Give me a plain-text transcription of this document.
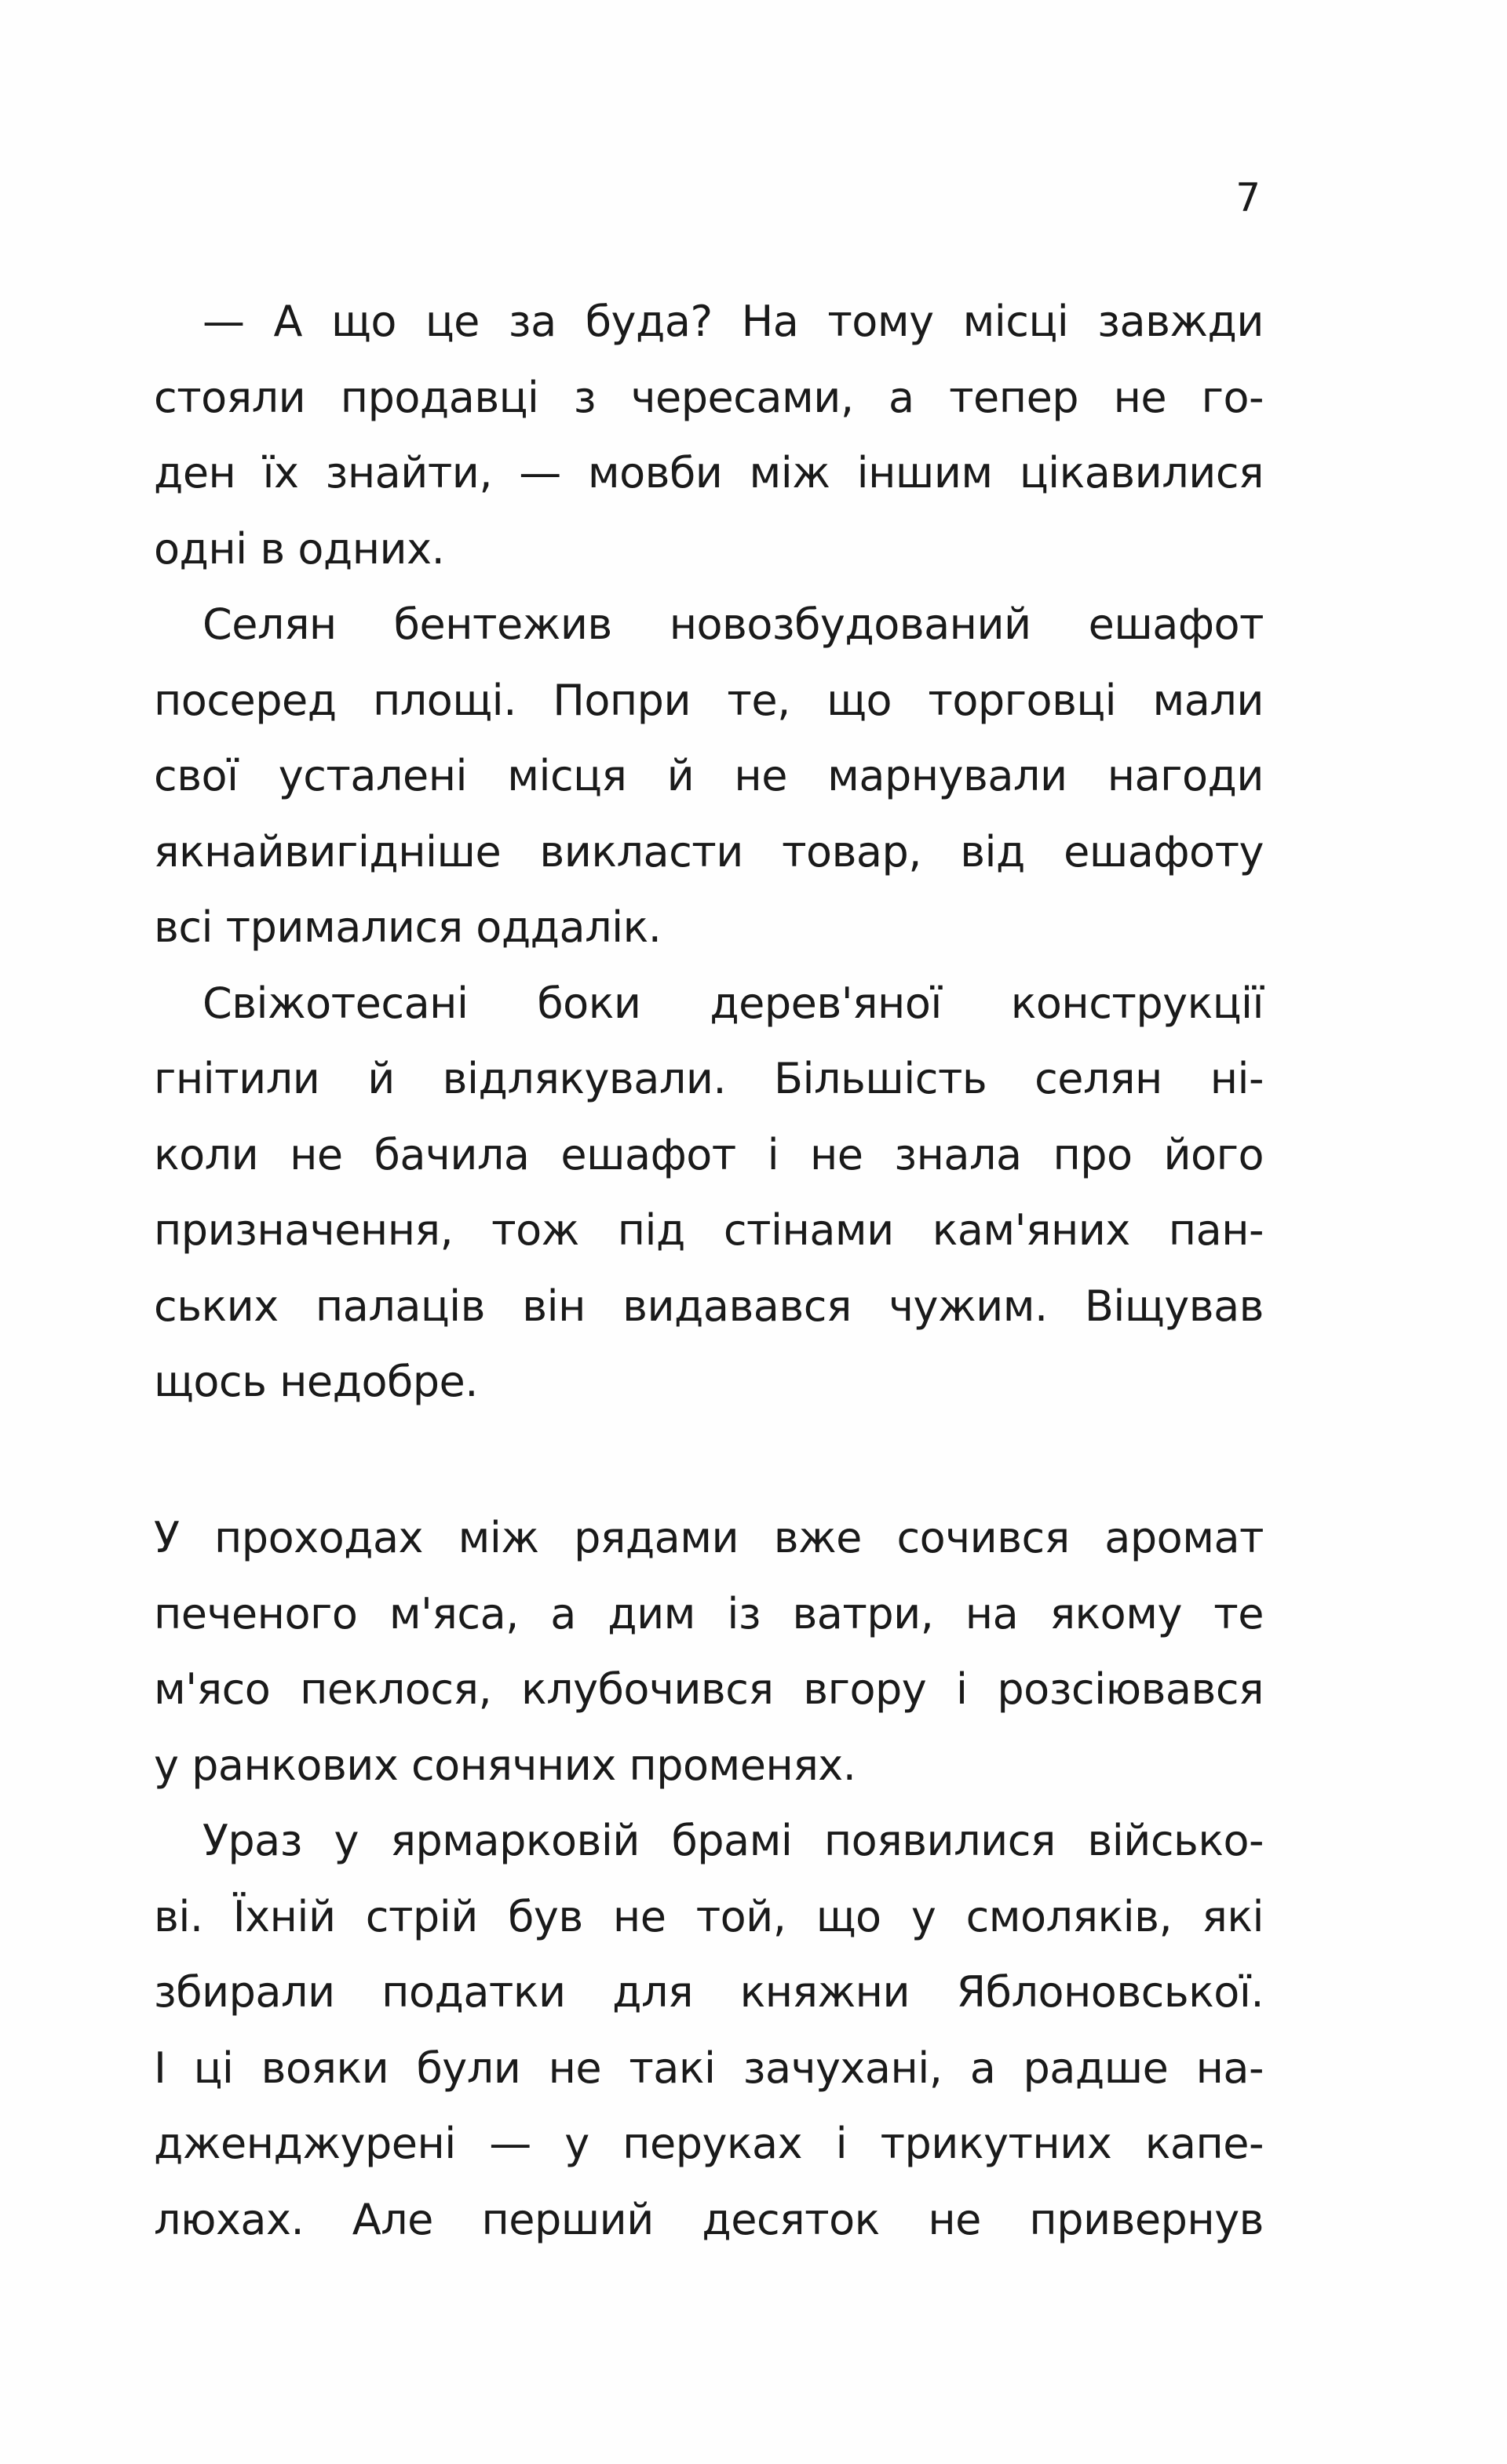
7
— А що це за буда? На тому місці завжди
стояли продавці з чересами, а тепер не го-
ден їх знайти, — мовби між іншим цікавилися
одні в одних.
Селян бентежив новозбудований ешафот
посеред площі. Попри те, що торговці мали
свої усталені місця й не марнували нагоди
якнайвигідніше викласти товар, від ешафоту
всі трималися оддалік.
Свіжотесані боки дерев'яної конструкції
гнітили й відлякували. Більшість селян ні-
коли не бачила ешафот і не знала про його
призначення, тож під стінами кам'яних пан-
ських палаців він видавався чужим. Віщував
щось недобре.
У проходах між рядами вже сочився аромат
печеного м'яса, а дим із ватри, на якому те
м'ясо пеклося, клубочився вгору і розсіювався
у ранкових сонячних променях.
Ураз у ярмарковій брамі появилися військо-
ві. Їхній стрій був не той, що у смоляків, які
збирали податки для княжни Яблоновської.
І ці вояки були не такі зачухані, а радше на-
дженджурені — у перуках і трикутних капе-
люхах. Але перший десяток не привернув
